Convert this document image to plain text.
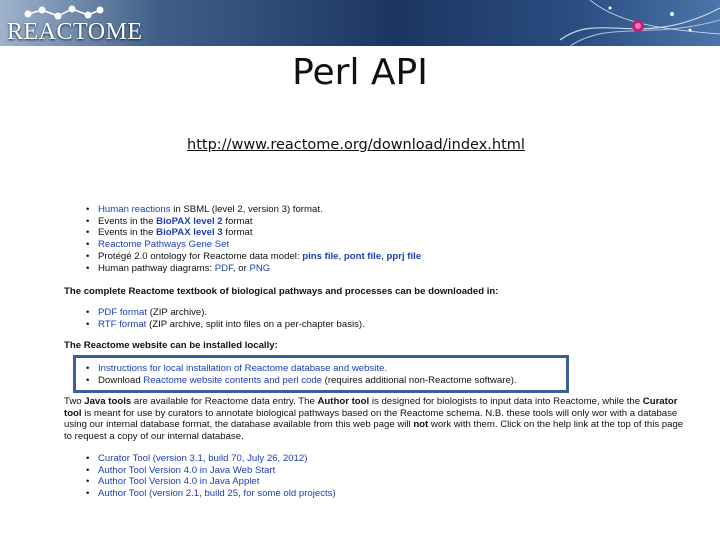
REACTOME
Perl API
http://www.reactome.org/download/index.html
• Human reactions in SBML (level 2, version 3) format.
• Events in the BioPAX level 2 format
• Events in the BioPAX level 3 format
• Reactome Pathways Gene Set
• Protégé 2.0 ontology for Reactome data model: pins file, pont file, pprj file
• Human pathway diagrams: PDF, or PNG
The complete Reactome textbook of biological pathways and processes can be downloaded in:
• PDF format (ZIP archive).
• RTF format (ZIP archive, split into files on a per-chapter basis).
The Reactome website can be installed locally:
• Instructions for local installation of Reactome database and website.
• Download Reactome website contents and perl code (requires additional non-Reactome software).
Two Java tools are available for Reactome data entry. The Author tool is designed for biologists to input data into Reactome, while the Curator tool is meant for use by curators to annotate biological pathways based on the Reactome schema. N.B. these tools will only wor with a database using our internal database format, the database available from this web page will not work with them. Click on the help link at the top of this page to request a copy of our internal database.
• Curator Tool (version 3.1, build 70, July 26, 2012)
• Author Tool Version 4.0 in Java Web Start
• Author Tool Version 4.0 in Java Applet
• Author Tool (version 2.1, build 25, for some old projects)
